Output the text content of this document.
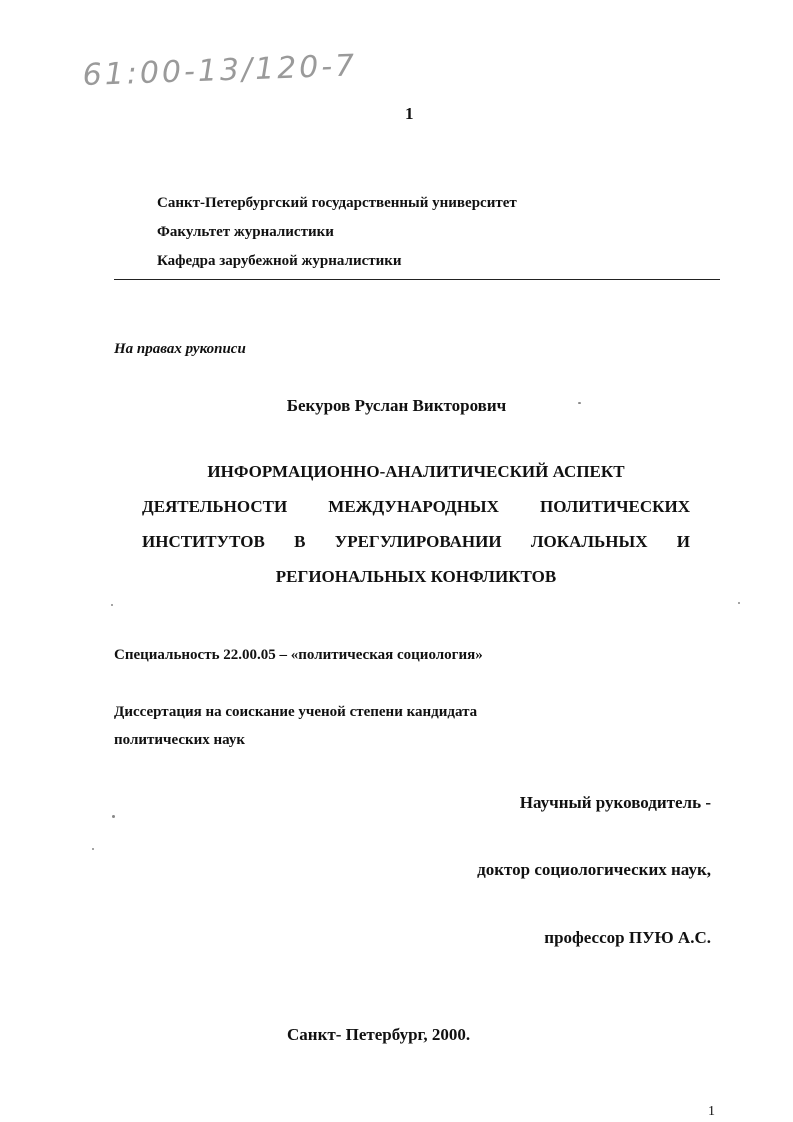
61:00-13/120-7
1
Санкт-Петербургский государственный университет
Факультет журналистики
Кафедра зарубежной журналистики
На правах рукописи
Бекуров Руслан Викторович
ИНФОРМАЦИОННО-АНАЛИТИЧЕСКИЙ АСПЕКТ
ДЕЯТЕЛЬНОСТИ МЕЖДУНАРОДНЫХ ПОЛИТИЧЕСКИХ
ИНСТИТУТОВ В УРЕГУЛИРОВАНИИ ЛОКАЛЬНЫХ И
РЕГИОНАЛЬНЫХ КОНФЛИКТОВ
Специальность 22.00.05 – «политическая социология»
Диссертация на соискание ученой степени кандидата
политических наук
Научный руководитель -
доктор социологических наук,
профессор ПУЮ А.С.
Санкт- Петербург, 2000.
1
